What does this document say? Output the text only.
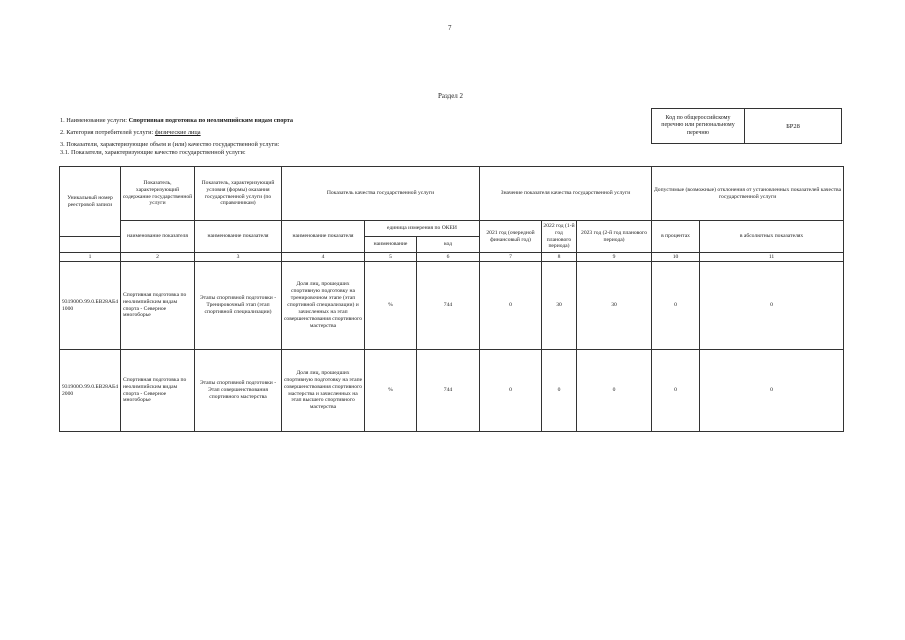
7
Раздел 2
1. Наименование услуги: Спортивная подготовка по неолимпийским видам спорта
2. Категория потребителей услуги: физические лица
3. Показатели, характеризующие объем и (или) качество государственной услуги:
3.1. Показатели, характеризующие качество государственной услуги:
Код по общероссийскому перечню или региональному перечню
БР28
Уникальный номер реестровой записи	Показатель, характеризующий содержание государственной услуги	Показатель, характеризующий условия (формы) оказания государственной услуги (по справочникам)	Показатель качества государственной услуги			Значение показателя качества государственной услуги			Допустимые (возможные) отклонения от установленных показателей качества государственной услуги	
	наименование показателя	наименование показателя	наименование показателя	единица измерения по ОКЕИ		2021 год (очередной финансовый год)	2022 год (1-й год планового периода)	2023 год (2-й год планового периода)	в процентах	в абсолютных показателях
				наименование	код					
1	2	3	4	5	6	7	8	9	10	11
931900О.99.0.БВ28АБ41000	Спортивная подготовка по неолимпийским видам спорта - Северное многоборье	Этапы спортивной подготовки - Тренировочный этап (этап спортивной специализации)	Доля лиц, прошедших спортивную подготовку на тренировочном этапе (этап спортивной специализации) и зачисленных на этап совершенствования спортивного мастерства	%	744	0	30	30	0	0
931900О.99.0.БВ28АБ42000	Спортивная подготовка по неолимпийским видам спорта - Северное многоборье	Этапы спортивной подготовки - Этап совершенствования спортивного мастерства	Доля лиц, прошедших спортивную подготовку на этапе совершенствования спортивного мастерства и зачисленных на этап высшего спортивного мастерства	%	744	0	0	0	0	0
